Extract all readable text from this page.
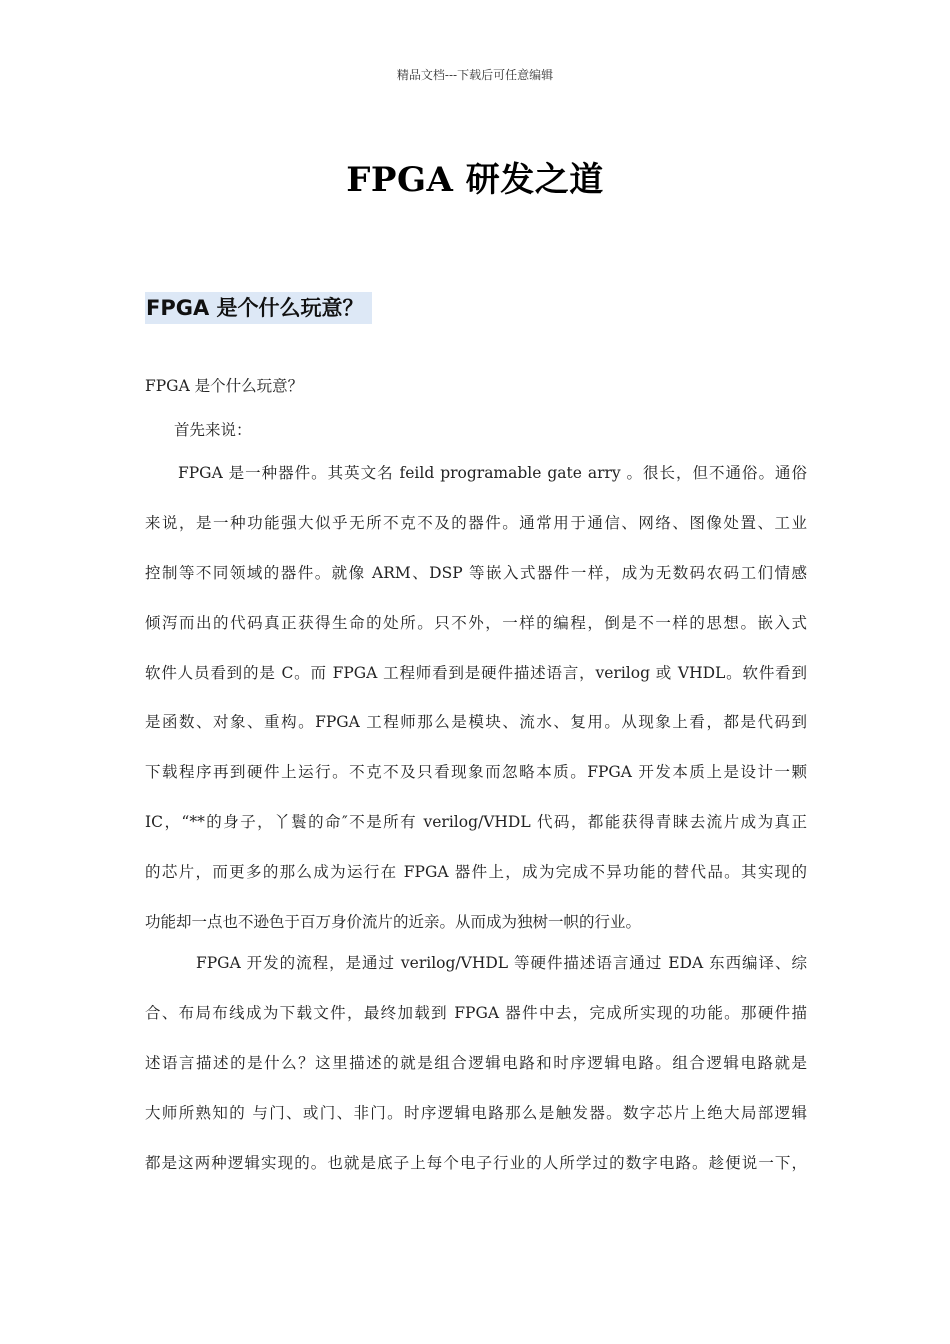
精品文档---下载后可任意编辑
FPGA 研发之道
FPGA 是个什么玩意？

FPGA 是个什么玩意？

首先来说：

FPGA 是一种器件。其英文名 feild programable gate arry 。很长，但不通俗。通俗
来说，是一种功能强大似乎无所不克不及的器件。通常用于通信、网络、图像处置、工业
控制等不同领域的器件。就像 ARM、DSP 等嵌入式器件一样，成为无数码农码工们情感
倾泻而出的代码真正获得生命的处所。只不外，一样的编程，倒是不一样的思想。嵌入式
软件人员看到的是 C。而 FPGA 工程师看到是硬件描述语言，verilog 或 VHDL。软件看到
是函数、对象、重构。FPGA 工程师那么是模块、流水、复用。从现象上看，都是代码到
下载程序再到硬件上运行。不克不及只看现象而忽略本质。FPGA 开发本质上是设计一颗
IC，“**的身子，丫鬟的命″不是所有 verilog/VHDL 代码，都能获得青睐去流片成为真正
的芯片，而更多的那么成为运行在 FPGA 器件上，成为完成不异功能的替代品。其实现的
功能却一点也不逊色于百万身价流片的近亲。从而成为独树一帜的行业。
FPGA 开发的流程，是通过 verilog/VHDL 等硬件描述语言通过 EDA 东西编译、综
合、布局布线成为下载文件，最终加载到 FPGA 器件中去，完成所实现的功能。那硬件描
述语言描述的是什么？这里描述的就是组合逻辑电路和时序逻辑电路。组合逻辑电路就是
大师所熟知的 与门、或门、非门。时序逻辑电路那么是触发器。数字芯片上绝大局部逻辑
都是这两种逻辑实现的。也就是底子上每个电子行业的人所学过的数字电路。趁便说一下，
